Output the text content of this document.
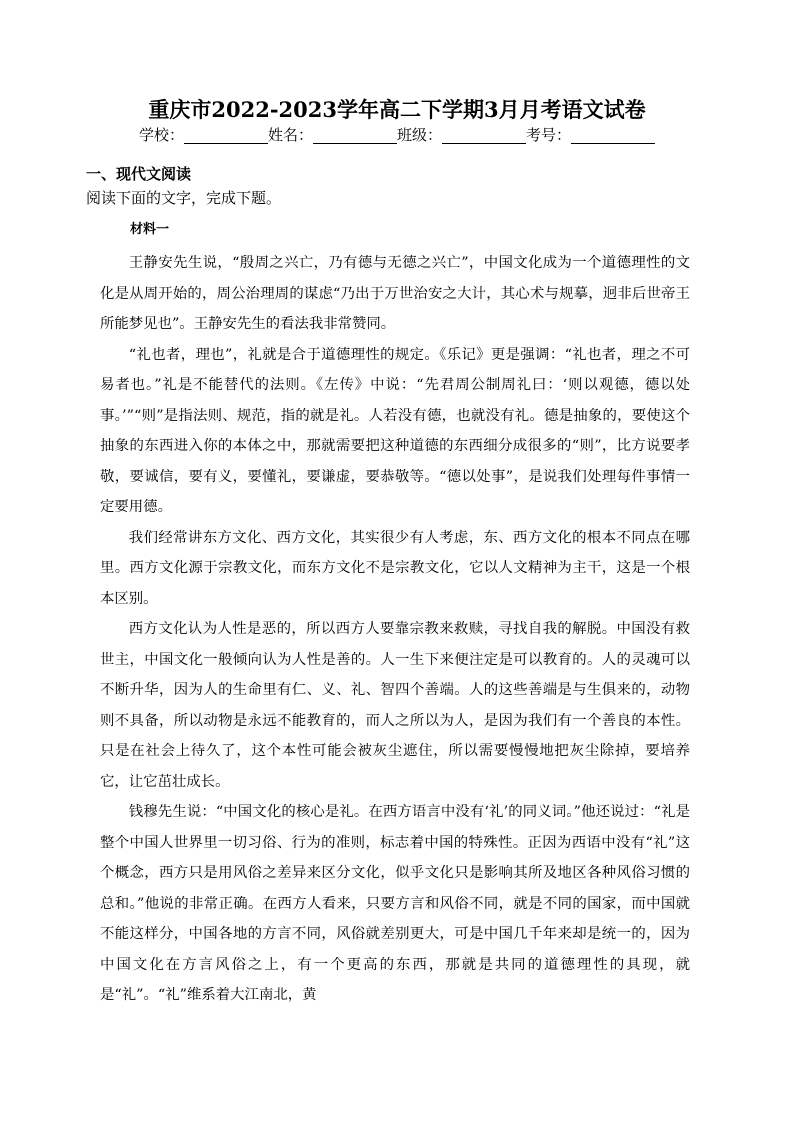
重庆市2022-2023学年高二下学期3月月考语文试卷
学校：	姓名：	班级：	考号：
一、现代文阅读
阅读下面的文字，完成下题。
材料一

王静安先生说，“殷周之兴亡，乃有德与无德之兴亡”，中国文化成为一个道德理性的文化是从周开始的，周公治理周的谋虑“乃出于万世治安之大计，其心术与规摹，迥非后世帝王所能梦见也”。王静安先生的看法我非常赞同。

“礼也者，理也”，礼就是合于道德理性的规定。《乐记》更是强调：“礼也者，理之不可易者也。”礼是不能替代的法则。《左传》中说：“先君周公制周礼曰：‘则以观德，德以处事。’”“则”是指法则、规范，指的就是礼。人若没有德，也就没有礼。德是抽象的，要使这个抽象的东西进入你的本体之中，那就需要把这种道德的东西细分成很多的“则”，比方说要孝敬，要诚信，要有义，要懂礼，要谦虚，要恭敬等。“德以处事”，是说我们处理每件事情一定要用德。

我们经常讲东方文化、西方文化，其实很少有人考虑，东、西方文化的根本不同点在哪里。西方文化源于宗教文化，而东方文化不是宗教文化，它以人文精神为主干，这是一个根本区别。

西方文化认为人性是恶的，所以西方人要靠宗教来救赎，寻找自我的解脱。中国没有救世主，中国文化一般倾向认为人性是善的。人一生下来便注定是可以教育的。人的灵魂可以不断升华，因为人的生命里有仁、义、礼、智四个善端。人的这些善端是与生俱来的，动物则不具备，所以动物是永远不能教育的，而人之所以为人，是因为我们有一个善良的本性。只是在社会上待久了，这个本性可能会被灰尘遮住，所以需要慢慢地把灰尘除掉，要培养它，让它茁壮成长。

钱穆先生说：“中国文化的核心是礼。在西方语言中没有‘礼’的同义词。”他还说过：“礼是整个中国人世界里一切习俗、行为的准则，标志着中国的特殊性。正因为西语中没有“礼”这个概念，西方只是用风俗之差异来区分文化，似乎文化只是影响其所及地区各种风俗习惯的总和。”他说的非常正确。在西方人看来，只要方言和风俗不同，就是不同的国家，而中国就不能这样分，中国各地的方言不同，风俗就差别更大，可是中国几千年来却是统一的，因为中国文化在方言风俗之上，有一个更高的东西，那就是共同的道德理性的具现，就是“礼”。“礼”维系着大江南北，黄
